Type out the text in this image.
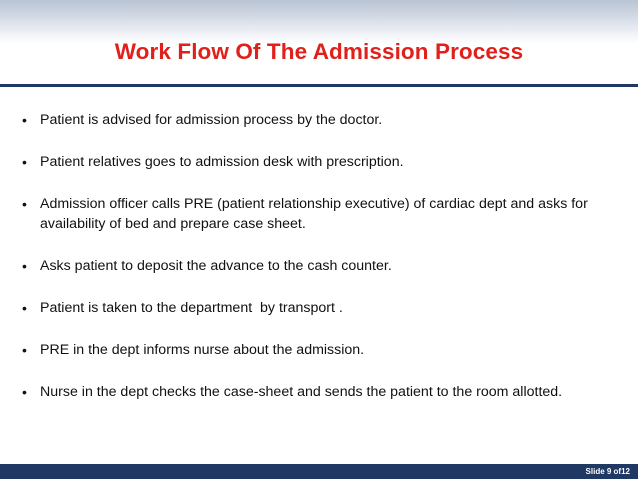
Work Flow Of The Admission Process
• Patient is advised for admission process by the doctor.
• Patient relatives goes to admission desk with prescription.
• Admission officer calls PRE (patient relationship executive) of cardiac dept and asks for availability of bed and prepare case sheet.
• Asks patient to deposit the advance to the cash counter.
• Patient is taken to the department  by transport .
• PRE in the dept informs nurse about the admission.
• Nurse in the dept checks the case-sheet and sends the patient to the room allotted.
Slide 9 of12
